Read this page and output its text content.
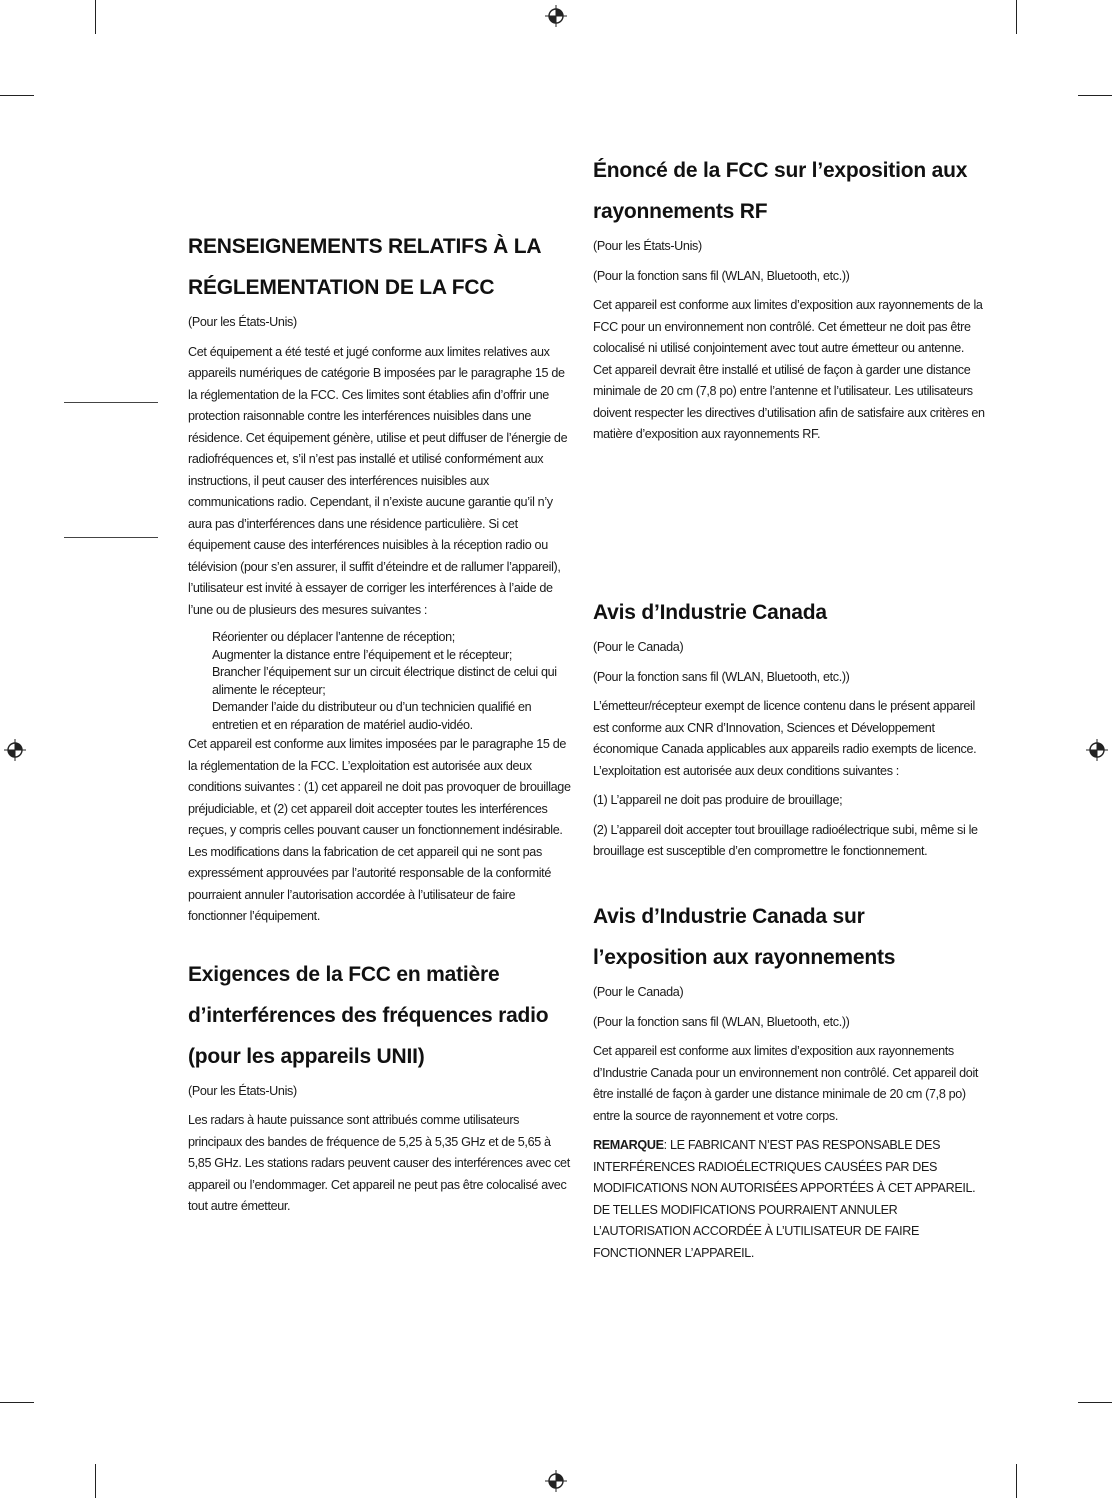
RENSEIGNEMENTS RELATIFS À LA
RÉGLEMENTATION DE LA FCC

(Pour les États-Unis)

Cet équipement a été testé et jugé conforme aux limites relatives aux appareils numériques de catégorie B imposées par le paragraphe 15 de la réglementation de la FCC. Ces limites sont établies afin d’offrir une protection raisonnable contre les interférences nuisibles dans une résidence. Cet équipement génère, utilise et peut diffuser de l’énergie de radiofréquences et, s’il n’est pas installé et utilisé conformément aux instructions, il peut causer des interférences nuisibles aux communications radio. Cependant, il n’existe aucune garantie qu’il n’y aura pas d’interférences dans une résidence particulière. Si cet équipement cause des interférences nuisibles à la réception radio ou télévision (pour s’en assurer, il suffit d’éteindre et de rallumer l’appareil), l’utilisateur est invité à essayer de corriger les interférences à l’aide de l’une ou de plusieurs des mesures suivantes :

Réorienter ou déplacer l’antenne de réception;
Augmenter la distance entre l’équipement et le récepteur;
Brancher l’équipement sur un circuit électrique distinct de celui qui alimente le récepteur;
Demander l’aide du distributeur ou d’un technicien qualifié en entretien et en réparation de matériel audio-vidéo.

Cet appareil est conforme aux limites imposées par le paragraphe 15 de la réglementation de la FCC. L’exploitation est autorisée aux deux conditions suivantes : (1) cet appareil ne doit pas provoquer de brouillage préjudiciable, et (2) cet appareil doit accepter toutes les interférences reçues, y compris celles pouvant causer un fonctionnement indésirable. Les modifications dans la fabrication de cet appareil qui ne sont pas expressément approuvées par l’autorité responsable de la conformité pourraient annuler l’autorisation accordée à l’utilisateur de faire fonctionner l’équipement.

Exigences de la FCC en matière
d’interférences des fréquences radio
(pour les appareils UNII)

(Pour les États-Unis)

Les radars à haute puissance sont attribués comme utilisateurs principaux des bandes de fréquence de 5,25 à 5,35 GHz et de 5,65 à 5,85 GHz. Les stations radars peuvent causer des interférences avec cet appareil ou l’endommager. Cet appareil ne peut pas être colocalisé avec tout autre émetteur.

Énoncé de la FCC sur l’exposition aux
rayonnements RF

(Pour les États-Unis)

(Pour la fonction sans fil (WLAN, Bluetooth, etc.))

Cet appareil est conforme aux limites d’exposition aux rayonnements de la FCC pour un environnement non contrôlé. Cet émetteur ne doit pas être colocalisé ni utilisé conjointement avec tout autre émetteur ou antenne. Cet appareil devrait être installé et utilisé de façon à garder une distance minimale de 20 cm (7,8 po) entre l’antenne et l’utilisateur. Les utilisateurs doivent respecter les directives d’utilisation afin de satisfaire aux critères en matière d’exposition aux rayonnements RF.

Avis d’Industrie Canada

(Pour le Canada)

(Pour la fonction sans fil (WLAN, Bluetooth, etc.))

L’émetteur/récepteur exempt de licence contenu dans le présent appareil est conforme aux CNR d’Innovation, Sciences et Développement économique Canada applicables aux appareils radio exempts de licence. L’exploitation est autorisée aux deux conditions suivantes :

(1) L’appareil ne doit pas produire de brouillage;

(2) L’appareil doit accepter tout brouillage radioélectrique subi, même si le brouillage est susceptible d’en compromettre le fonctionnement.

Avis d’Industrie Canada sur
l’exposition aux rayonnements

(Pour le Canada)

(Pour la fonction sans fil (WLAN, Bluetooth, etc.))

Cet appareil est conforme aux limites d’exposition aux rayonnements d’Industrie Canada pour un environnement non contrôlé. Cet appareil doit être installé de façon à garder une distance minimale de 20 cm (7,8 po) entre la source de rayonnement et votre corps.

REMARQUE: LE FABRICANT N’EST PAS RESPONSABLE DES INTERFÉRENCES RADIOÉLECTRIQUES CAUSÉES PAR DES MODIFICATIONS NON AUTORISÉES APPORTÉES À CET APPAREIL. DE TELLES MODIFICATIONS POURRAIENT ANNULER L’AUTORISATION ACCORDÉE À L’UTILISATEUR DE FAIRE FONCTIONNER L’APPAREIL.
